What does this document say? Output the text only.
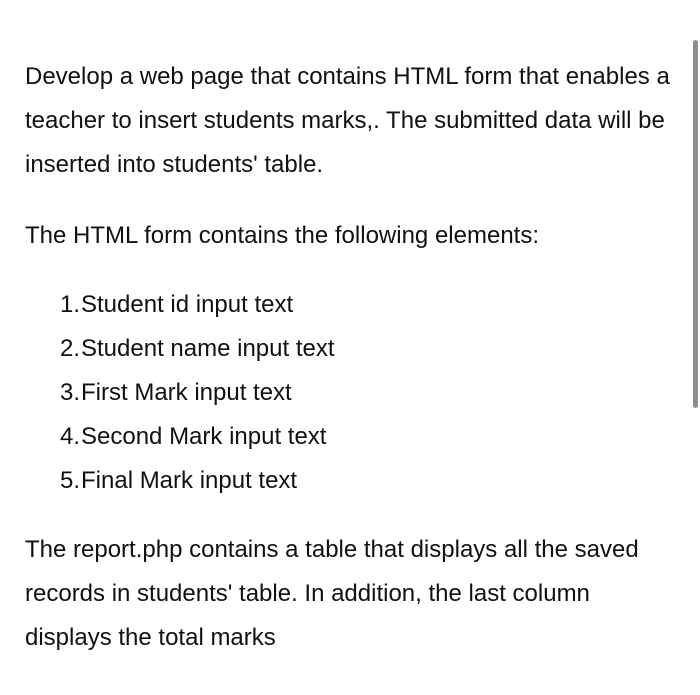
Develop a web page that contains HTML form that enables a teacher to insert students marks,. The submitted data will be inserted into students' table.

The HTML form contains the following elements:

1. Student id input text
2. Student name input text
3. First Mark input text
4. Second Mark input text
5. Final Mark input text

The report.php contains a table that displays all the saved records in students' table. In addition, the last column displays the total marks
